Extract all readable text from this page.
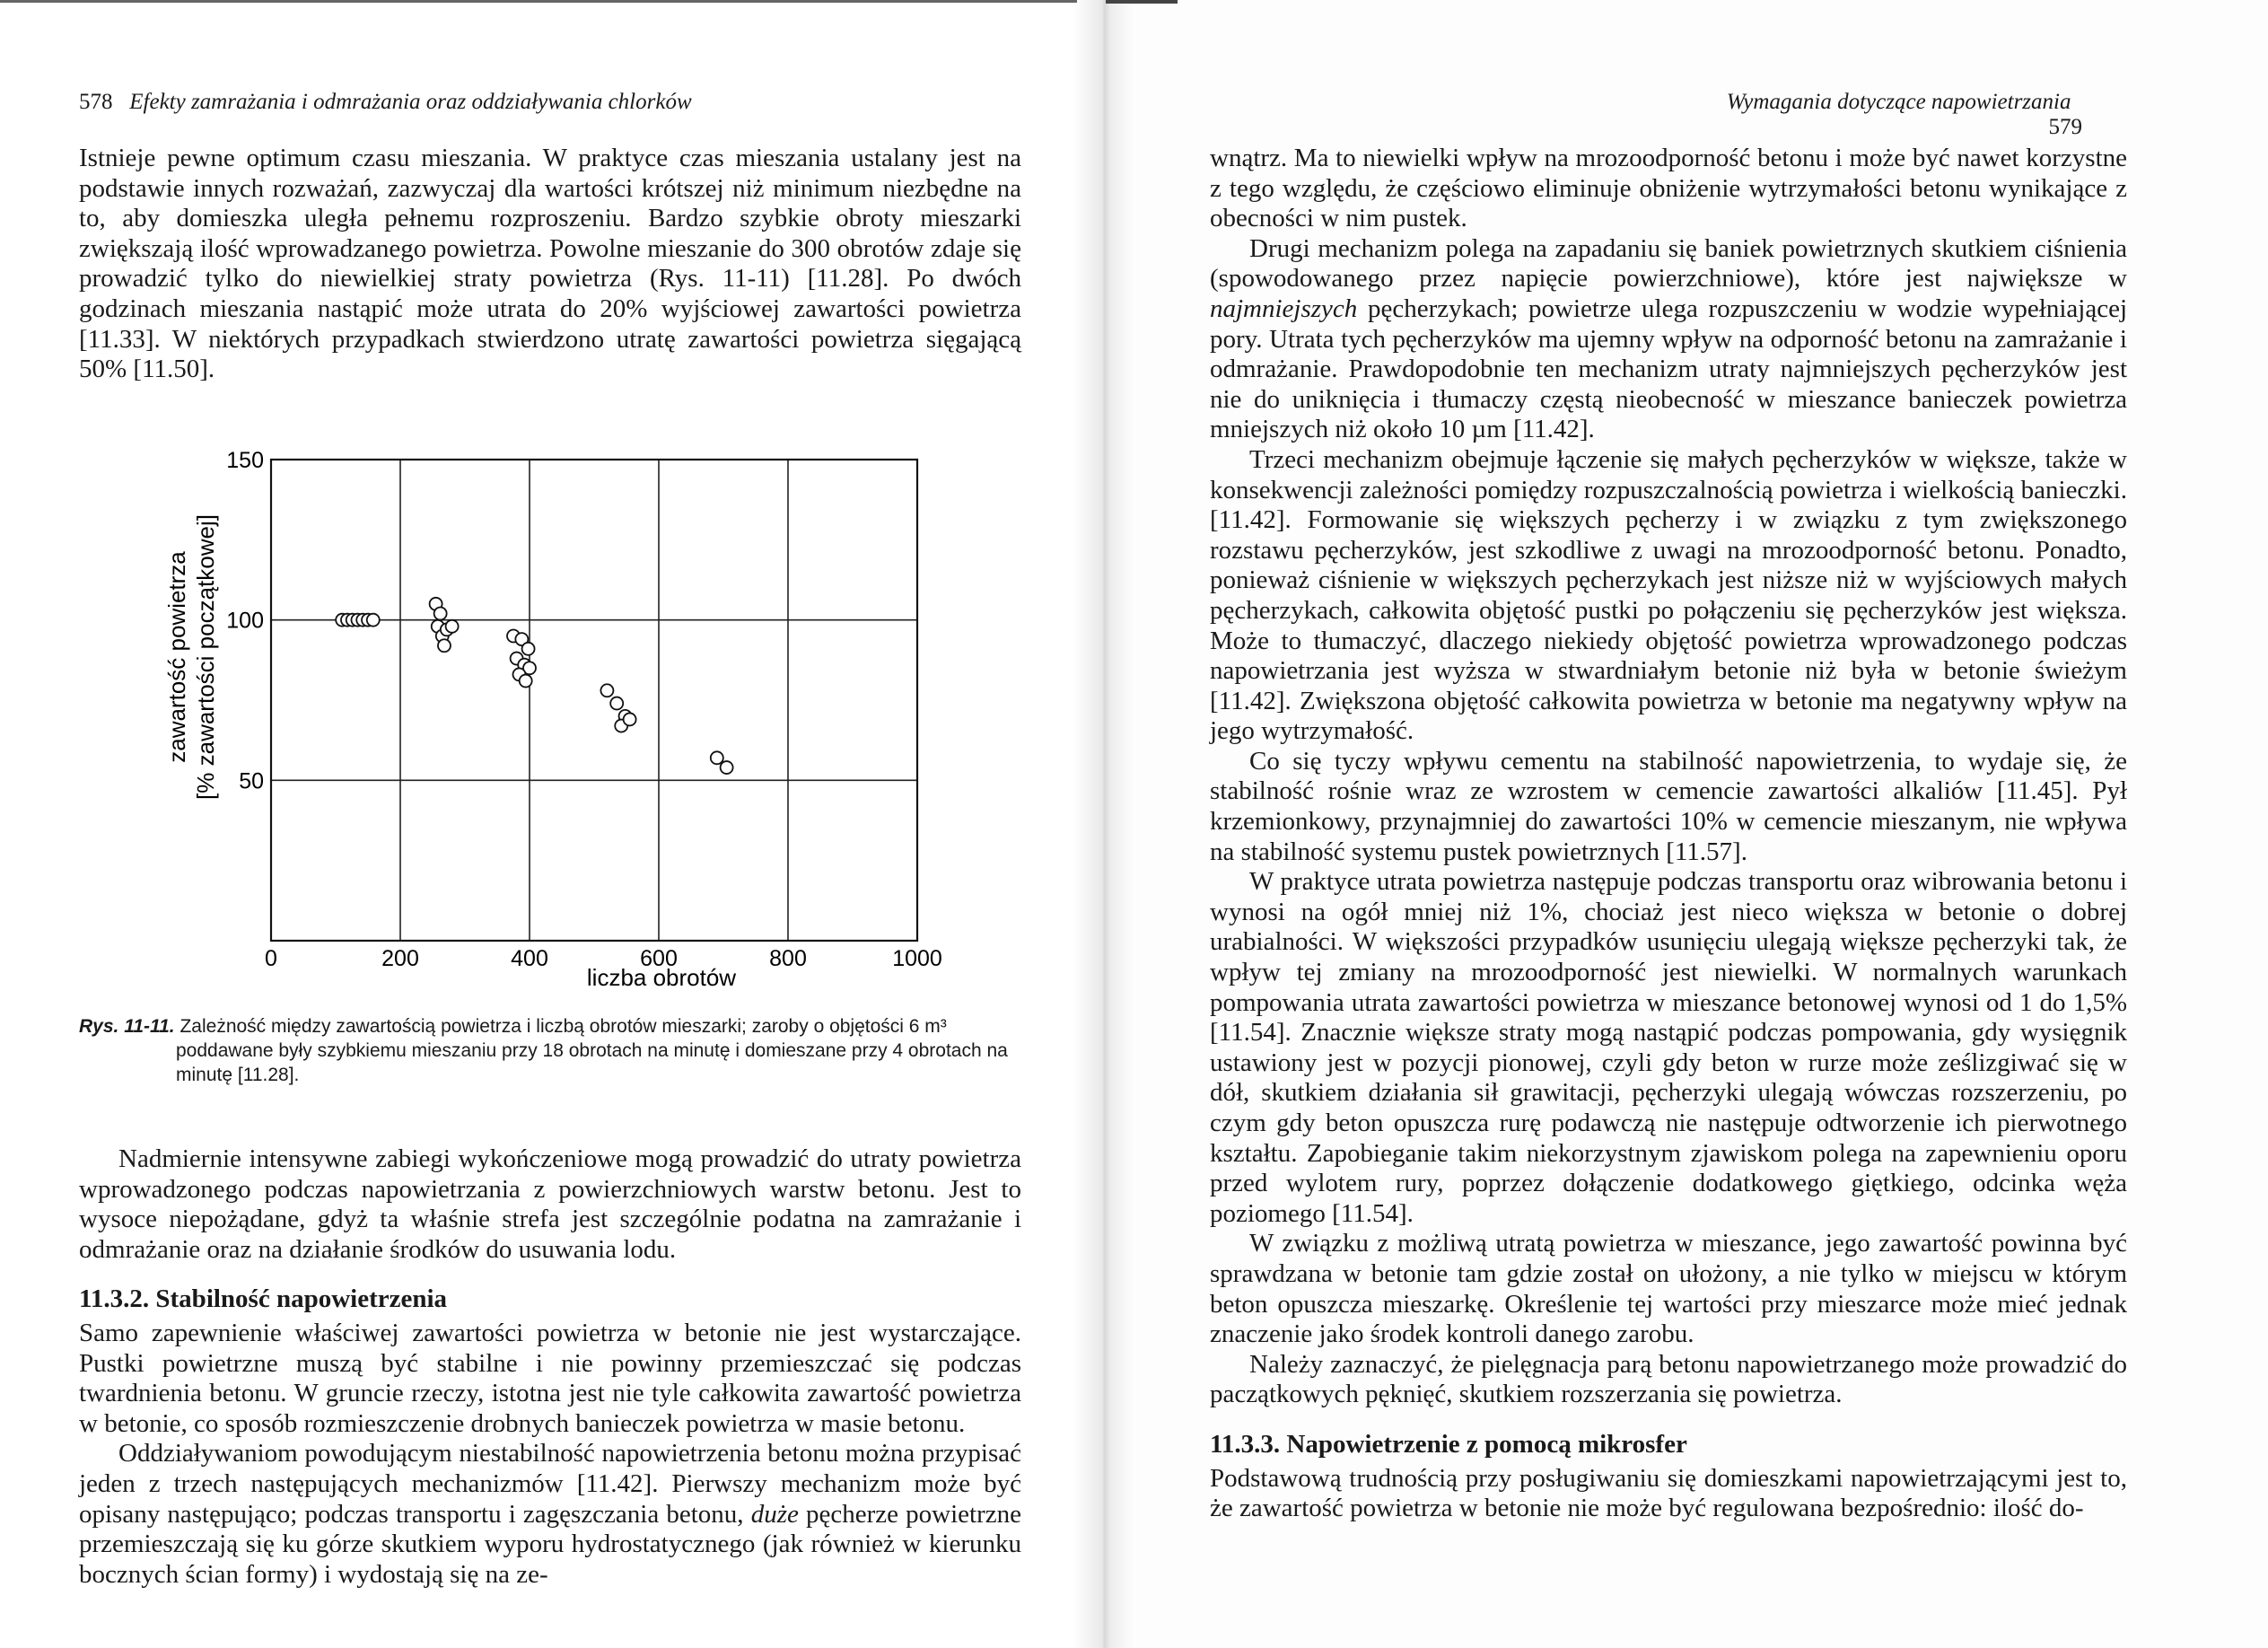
578 Efekty zamrażania i odmrażania oraz oddziaływania chlorków

Istnieje pewne optimum czasu mieszania. W praktyce czas mieszania ustalany jest na podstawie innych rozważań, zazwyczaj dla wartości krótszej niż minimum niezbędne na to, aby domieszka uległa pełnemu rozproszeniu. Bardzo szybkie obroty mieszarki zwiększają ilość wprowadzanego powietrza. Powolne mieszanie do 300 obrotów zdaje się prowadzić tylko do niewielkiej straty powietrza (Rys. 11-11) [11.28]. Po dwóch godzinach mieszania nastąpić może utrata do 20% wyjściowej zawartości powietrza [11.33]. W niektórych przypadkach stwierdzono utratę zawartości powietrza sięgającą 50% [11.50].

0	200	400	600	800	1000
50
100
150
liczba obrotów
zawartość powietrza [% zawartości początkowej]
Rys. 11-11. Zależność między zawartością powietrza i liczbą obrotów mieszarki; zaroby o objętości 6 m³ poddawane były szybkiemu mieszaniu przy 18 obrotach na minutę i domieszane przy 4 obrotach na minutę [11.28].

Nadmiernie intensywne zabiegi wykończeniowe mogą prowadzić do utraty powietrza wprowadzonego podczas napowietrzania z powierzchniowych warstw betonu. Jest to wysoce niepożądane, gdyż ta właśnie strefa jest szczególnie podatna na zamrażanie i odmrażanie oraz na działanie środków do usuwania lodu.

11.3.2. Stabilność napowietrzenia

Samo zapewnienie właściwej zawartości powietrza w betonie nie jest wystarczające. Pustki powietrzne muszą być stabilne i nie powinny przemieszczać się podczas twardnienia betonu. W gruncie rzeczy, istotna jest nie tyle całkowita zawartość powietrza w betonie, co sposób rozmieszczenie drobnych banieczek powietrza w masie betonu.

Oddziaływaniom powodującym niestabilność napowietrzenia betonu można przypisać jeden z trzech następujących mechanizmów [11.42]. Pierwszy mechanizm może być opisany następująco; podczas transportu i zagęszczania betonu, duże pęcherze powietrzne przemieszczają się ku górze skutkiem wyporu hydrostatycznego (jak również w kierunku bocznych ścian formy) i wydostają się na ze-

Wymagania dotyczące napowietrzania   579

wnątrz. Ma to niewielki wpływ na mrozoodporność betonu i może być nawet korzystne z tego względu, że częściowo eliminuje obniżenie wytrzymałości betonu wynikające z obecności w nim pustek.

Drugi mechanizm polega na zapadaniu się baniek powietrznych skutkiem ciśnienia (spowodowanego przez napięcie powierzchniowe), które jest największe w najmniejszych pęcherzykach; powietrze ulega rozpuszczeniu w wodzie wypełniającej pory. Utrata tych pęcherzyków ma ujemny wpływ na odporność betonu na zamrażanie i odmrażanie. Prawdopodobnie ten mechanizm utraty najmniejszych pęcherzyków jest nie do uniknięcia i tłumaczy częstą nieobecność w mieszance banieczek powietrza mniejszych niż około 10 µm [11.42].

Trzeci mechanizm obejmuje łączenie się małych pęcherzyków w większe, także w konsekwencji zależności pomiędzy rozpuszczalnością powietrza i wielkością banieczki. [11.42]. Formowanie się większych pęcherzy i w związku z tym zwiększonego rozstawu pęcherzyków, jest szkodliwe z uwagi na mrozoodporność betonu. Ponadto, ponieważ ciśnienie w większych pęcherzykach jest niższe niż w wyjściowych małych pęcherzykach, całkowita objętość pustki po połączeniu się pęcherzyków jest większa. Może to tłumaczyć, dlaczego niekiedy objętość powietrza wprowadzonego podczas napowietrzania jest wyższa w stwardniałym betonie niż była w betonie świeżym [11.42]. Zwiększona objętość całkowita powietrza w betonie ma negatywny wpływ na jego wytrzymałość.

Co się tyczy wpływu cementu na stabilność napowietrzenia, to wydaje się, że stabilność rośnie wraz ze wzrostem w cemencie zawartości alkaliów [11.45]. Pył krzemionkowy, przynajmniej do zawartości 10% w cemencie mieszanym, nie wpływa na stabilność systemu pustek powietrznych [11.57].

W praktyce utrata powietrza następuje podczas transportu oraz wibrowania betonu i wynosi na ogół mniej niż 1%, chociaż jest nieco większa w betonie o dobrej urabialności. W większości przypadków usunięciu ulegają większe pęcherzyki tak, że wpływ tej zmiany na mrozoodporność jest niewielki. W normalnych warunkach pompowania utrata zawartości powietrza w mieszance betonowej wynosi od 1 do 1,5% [11.54]. Znacznie większe straty mogą nastąpić podczas pompowania, gdy wysięgnik ustawiony jest w pozycji pionowej, czyli gdy beton w rurze może ześlizgiwać się w dół, skutkiem działania sił grawitacji, pęcherzyki ulegają wówczas rozszerzeniu, po czym gdy beton opuszcza rurę podawczą nie następuje odtworzenie ich pierwotnego kształtu. Zapobieganie takim niekorzystnym zjawiskom polega na zapewnieniu oporu przed wylotem rury, poprzez dołączenie dodatkowego giętkiego, odcinka węża poziomego [11.54].

W związku z możliwą utratą powietrza w mieszance, jego zawartość powinna być sprawdzana w betonie tam gdzie został on ułożony, a nie tylko w miejscu w którym beton opuszcza mieszarkę. Określenie tej wartości przy mieszarce może mieć jednak znaczenie jako środek kontroli danego zarobu.

Należy zaznaczyć, że pielęgnacja parą betonu napowietrzanego może prowadzić do paczątkowych pęknięć, skutkiem rozszerzania się powietrza.

11.3.3. Napowietrzenie z pomocą mikrosfer

Podstawową trudnością przy posługiwaniu się domieszkami napowietrzającymi jest to, że zawartość powietrza w betonie nie może być regulowana bezpośrednio: ilość do-
